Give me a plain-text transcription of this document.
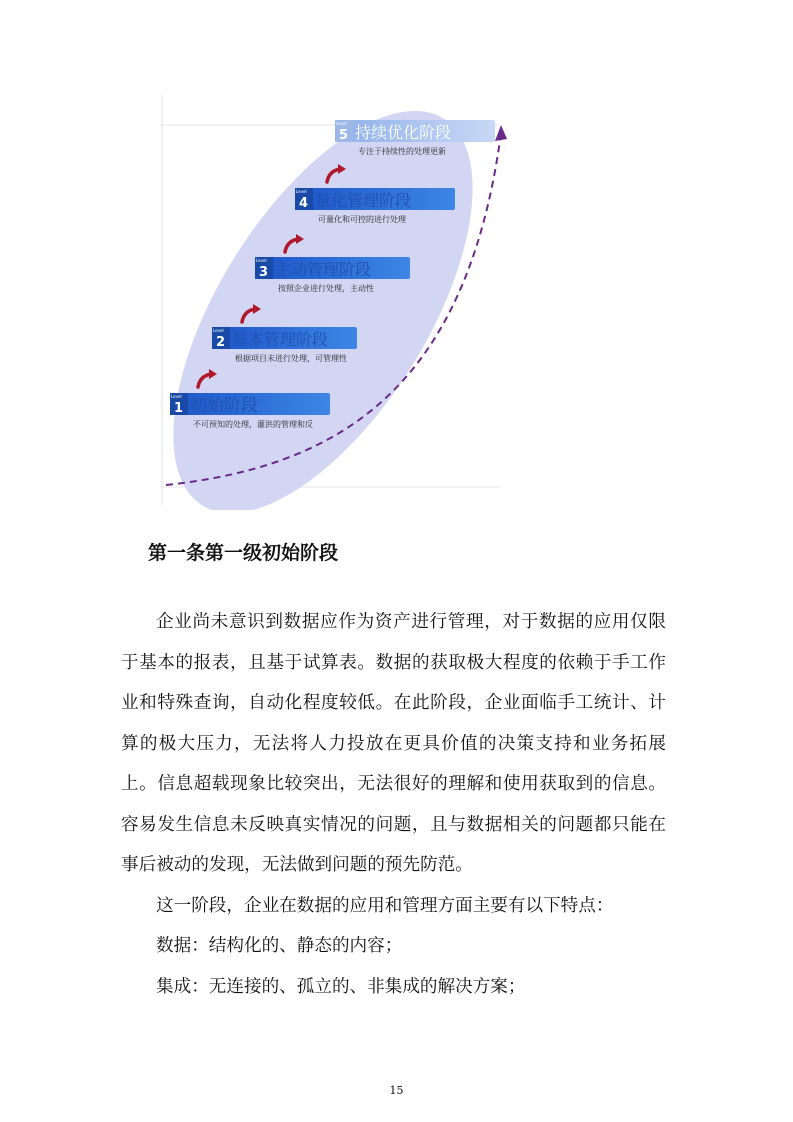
Level
1 初始阶段
不可预知的处理，灌洪的管理和反
Level
2 基本管理阶段
根据项目未进行处理，可管理性
Level
3 主动管理阶段
按照企业进行处理，主动性
Level
4 量化管理阶段
可量化和可控的进行处理
Level
5 持续优化阶段
专注于持续性的处理更新
第一条第一级初始阶段

企业尚未意识到数据应作为资产进行管理，对于数据的应用仅限于基本的报表，且基于试算表。数据的获取极大程度的依赖于手工作业和特殊查询，自动化程度较低。在此阶段，企业面临手工统计、计算的极大压力，无法将人力投放在更具价值的决策支持和业务拓展上。信息超载现象比较突出，无法很好的理解和使用获取到的信息。容易发生信息未反映真实情况的问题，且与数据相关的问题都只能在事后被动的发现，无法做到问题的预先防范。

这一阶段，企业在数据的应用和管理方面主要有以下特点：

数据：结构化的、静态的内容；

集成：无连接的、孤立的、非集成的解决方案；

15
